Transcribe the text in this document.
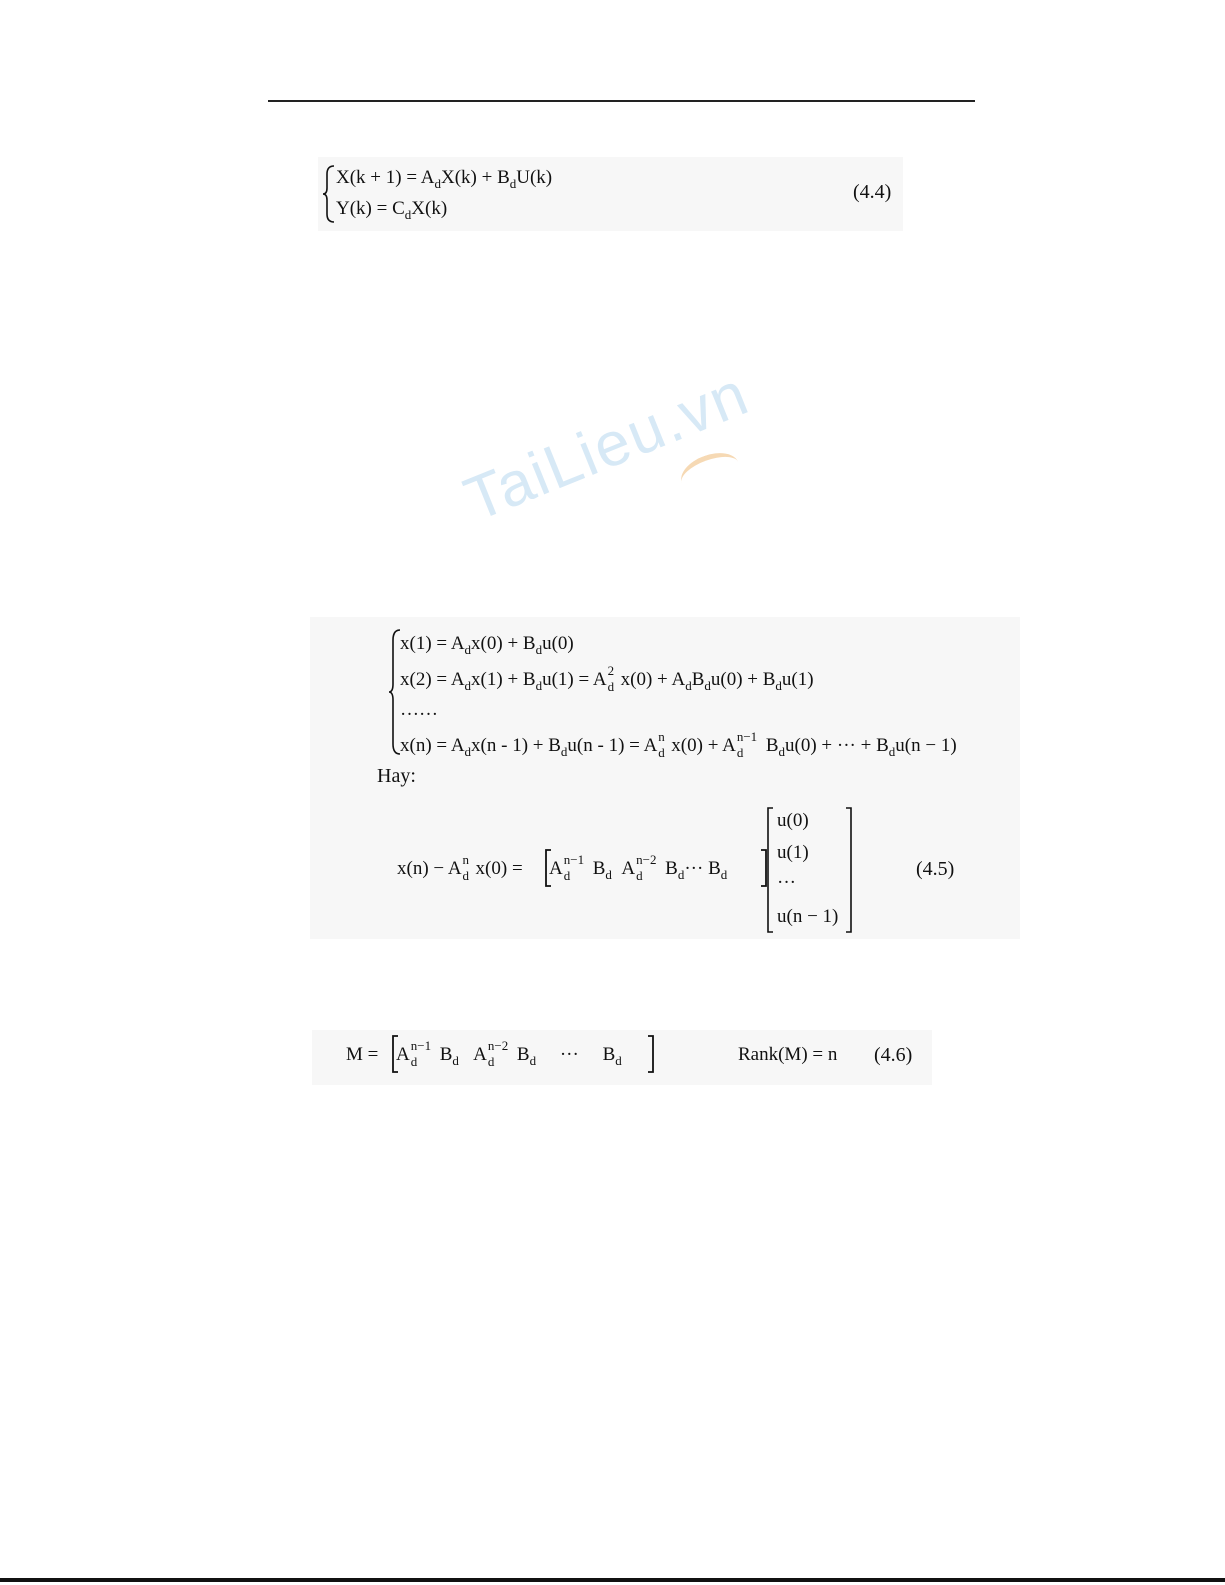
TaiLieu.vn
$X(k + 1) = A_dX(k) + B_dU(k)$
$Y(k) = C_dX(k)$
(4.4)
$x(1) = A_dx(0) + B_du(0)$
$x(2) = A_dx(1) + B_du(1) = A$ 2
d $x(0) + A_dB_du(0) + B_du(1)$
……
$x(n) = A_dx(n - 1) + B_du(n - 1) = A$ n
d x(0) + A n−1
d $B_du(0)$ + ··· + $B_du(n - 1)$
Hay:
x(n) − A n
d x(0) = A n−1
d $B_d$ A n−2
d $B_d\cdot\cdot\cdot B_d$
u(0)
u(1)
···
u(n − 1)
(4.5)
M = A n−1
d $B_d$ A n−2
d $B_d$ ··· $B_d$	Rank(M) = n (4.6)
